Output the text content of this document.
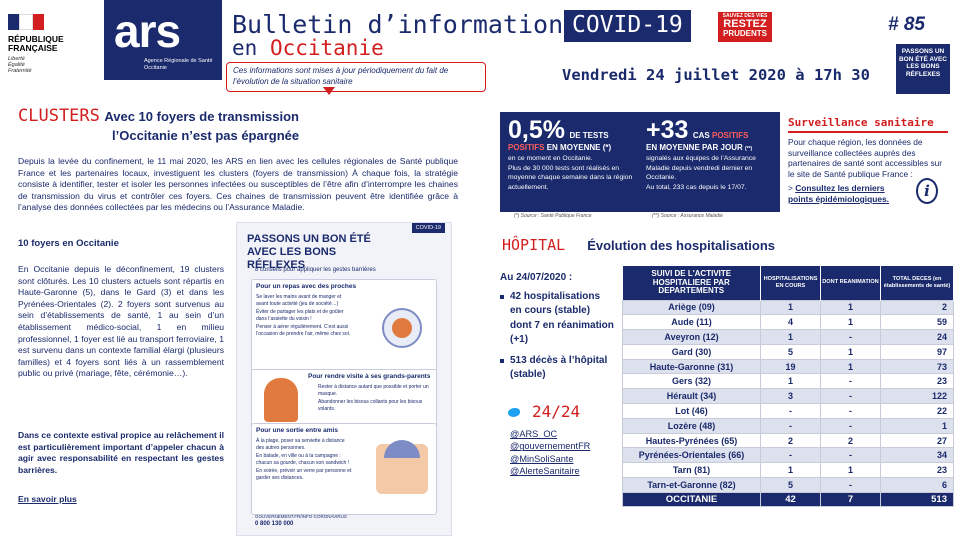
RÉPUBLIQUE
FRANÇAISE
Liberté
Égalité
Fraternité
ars
Agence Régionale de Santé
Occitanie
Bulletin d’information COVID-19	SAUVEZ DES VIES
RESTEZ
PRUDENTS
en Occitanie
Ces informations sont mises à jour périodiquement du fait de l’évolution de la situation sanitaire	Vendredi 24 juillet 2020 à 17h 30
# 85
PASSONS UN BON ÉTÉ AVEC LES BONS RÉFLEXES
CLUSTERS Avec 10 foyers de transmission
l’Occitanie n’est pas épargnée

Depuis la levée du confinement, le 11 mai 2020, les ARS en lien avec les cellules régionales de Santé publique France et les partenaires locaux, investiguent les clusters (foyers de transmission) À chaque fois, la stratégie consiste à identifier, tester et isoler les personnes infectées ou susceptibles de l’être afin d’interrompre les chaines de transmission du virus et contrôler ces foyers. Ces chaines de transmission peuvent être identifiée grâce à l’analyse des données collectées par les médecins ou l’Assurance Maladie.

10 foyers en Occitanie

En Occitanie depuis le déconfinement, 19 clusters sont clôturés. Les 10 clusters actuels sont répartis en Haute-Garonne (5), dans le Gard (3) et dans les Pyrénées-Orientales (2). 2 foyers sont survenus au sein d’établissements de santé, 1 au sein d’un établissement médico-social, 1 en milieu professionnel, 1 foyer est lié au transport ferroviaire, 1 est survenu dans un contexte familial élargi (plusieurs familles) et 4 foyers sont liés à un rassemblement public ou privé (mariage, fête, cérémonie…).

Dans ce contexte estival propice au relâchement il est particulièrement important d’appeler chacun à agir avec responsabilité en respectant les gestes barrières.

En savoir plus
PASSONS UN BON ÉTÉ AVEC LES BONS RÉFLEXES
COVID-19
8 conseils pour appliquer les gestes barrières
Pour un repas avec des proches
Se laver les mains avant de manger et avant toute activité (jeu de société…)
Éviter de partager les plats et de goûter dans l’assiette du voisin !
Penser à aérer régulièrement. C’est aussi l’occasion de prendre l’air, même chez soi.
Pour rendre visite à ses grands-parents
Rester à distance autant que possible et porter un masque.
Abandonner les bisous collants pour les bisous volants.
Pour une sortie entre amis
À la plage, poser sa serviette à distance des autres personnes.
En balade, en ville ou à la campagne : chacun sa gourde, chacun son sandwich !
En soirée, prévoir un verre par personne et garder ses distances.
GOUVERNEMENT.FR/INFO-CORONAVIRUS
0 800 130 000
0,5% DE TESTS
POSITIFS EN MOYENNE (*)
en ce moment en Occitanie.
Plus de 30 000 tests sont réalisés en moyenne chaque semaine dans la région actuellement.
+33 CAS POSITIFS
EN MOYENNE PAR JOUR (**)
signalés aux équipes de l’Assurance Maladie depuis vendredi dernier en Occitanie.
Au total, 233 cas depuis le 17/07.
(*) Source : Santé Publique France	(**) Source : Assurance Maladie
Surveillance sanitaire
Pour chaque région, les données de surveillance collectées auprès des partenaires de santé sont accessibles sur le site de Santé publique France :
> Consultez les derniers points épidémiologiques.	i
HÔPITAL Évolution des hospitalisations
Au 24/07/2020 :
42 hospitalisations en cours (stable) dont 7 en réanimation (+1)
513 décès à l’hôpital (stable)
24/24
@ARS_OC
@gouvernementFR
@MinSoliSante
@AlerteSanitaire
SUIVI DE L'ACTIVITE HOSPITALIERE PAR DEPARTEMENTS	HOSPITALISATIONS EN COURS	DONT REANIMATION	TOTAL DECES (en établissements de santé)
Ariège (09)	1	1	2
Aude (11)	4	1	59
Aveyron (12)	1	-	24
Gard (30)	5	1	97
Haute-Garonne (31)	19	1	73
Gers (32)	1	-	23
Hérault (34)	3	-	122
Lot (46)	-	-	22
Lozère (48)	-	-	1
Hautes-Pyrénées (65)	2	2	27
Pyrénées-Orientales (66)	-	-	34
Tarn (81)	1	1	23
Tarn-et-Garonne (82)	5	-	6
OCCITANIE	42	7	513
